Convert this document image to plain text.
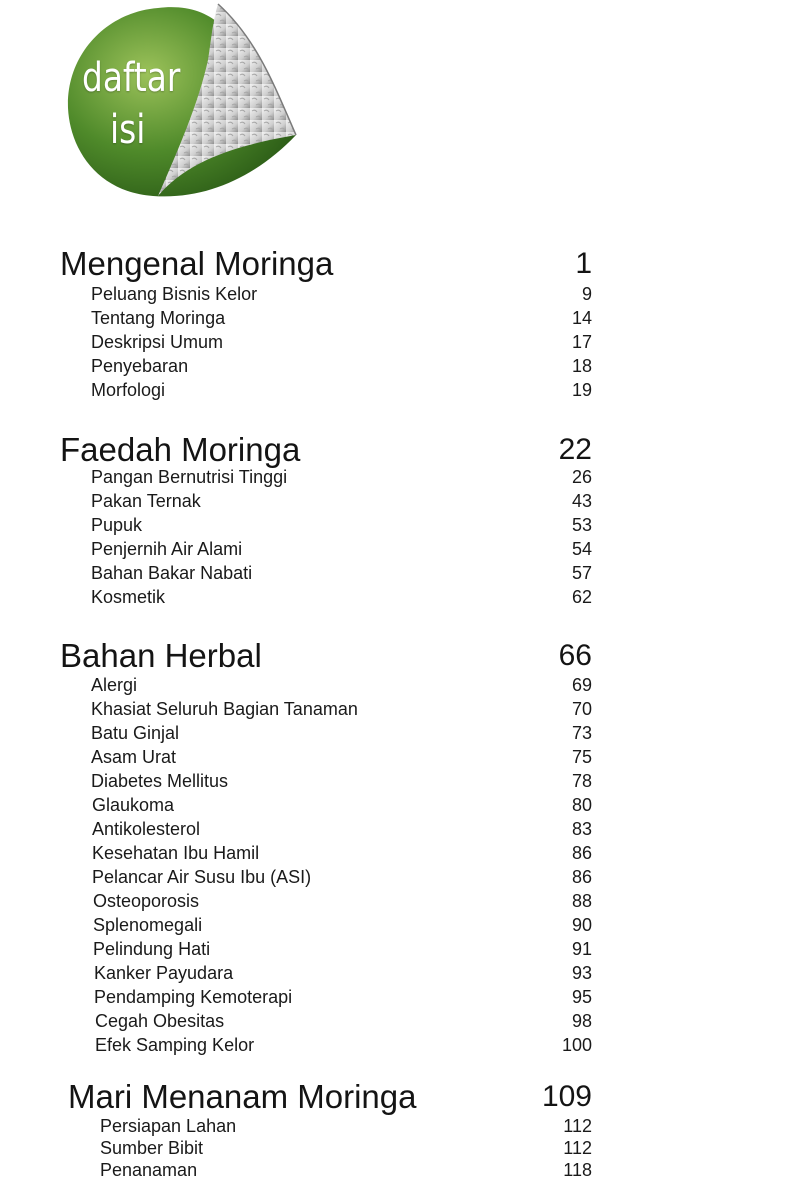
daftar
isi
Mengenal Moringa	1
Peluang Bisnis Kelor	9
Tentang Moringa	14
Deskripsi Umum	17
Penyebaran	18
Morfologi	19
Faedah Moringa	22
Pangan Bernutrisi Tinggi	26
Pakan Ternak	43
Pupuk	53
Penjernih Air Alami	54
Bahan Bakar Nabati	57
Kosmetik	62
Bahan Herbal	66
Alergi	69
Khasiat Seluruh Bagian Tanaman	70
Batu Ginjal	73
Asam Urat	75
Diabetes Mellitus	78
Glaukoma	80
Antikolesterol	83
Kesehatan Ibu Hamil	86
Pelancar Air Susu Ibu (ASI)	86
Osteoporosis	88
Splenomegali	90
Pelindung Hati	91
Kanker Payudara	93
Pendamping Kemoterapi	95
Cegah Obesitas	98
Efek Samping Kelor	100
Mari Menanam Moringa	109
Persiapan Lahan	112
Sumber Bibit	112
Penanaman	118
